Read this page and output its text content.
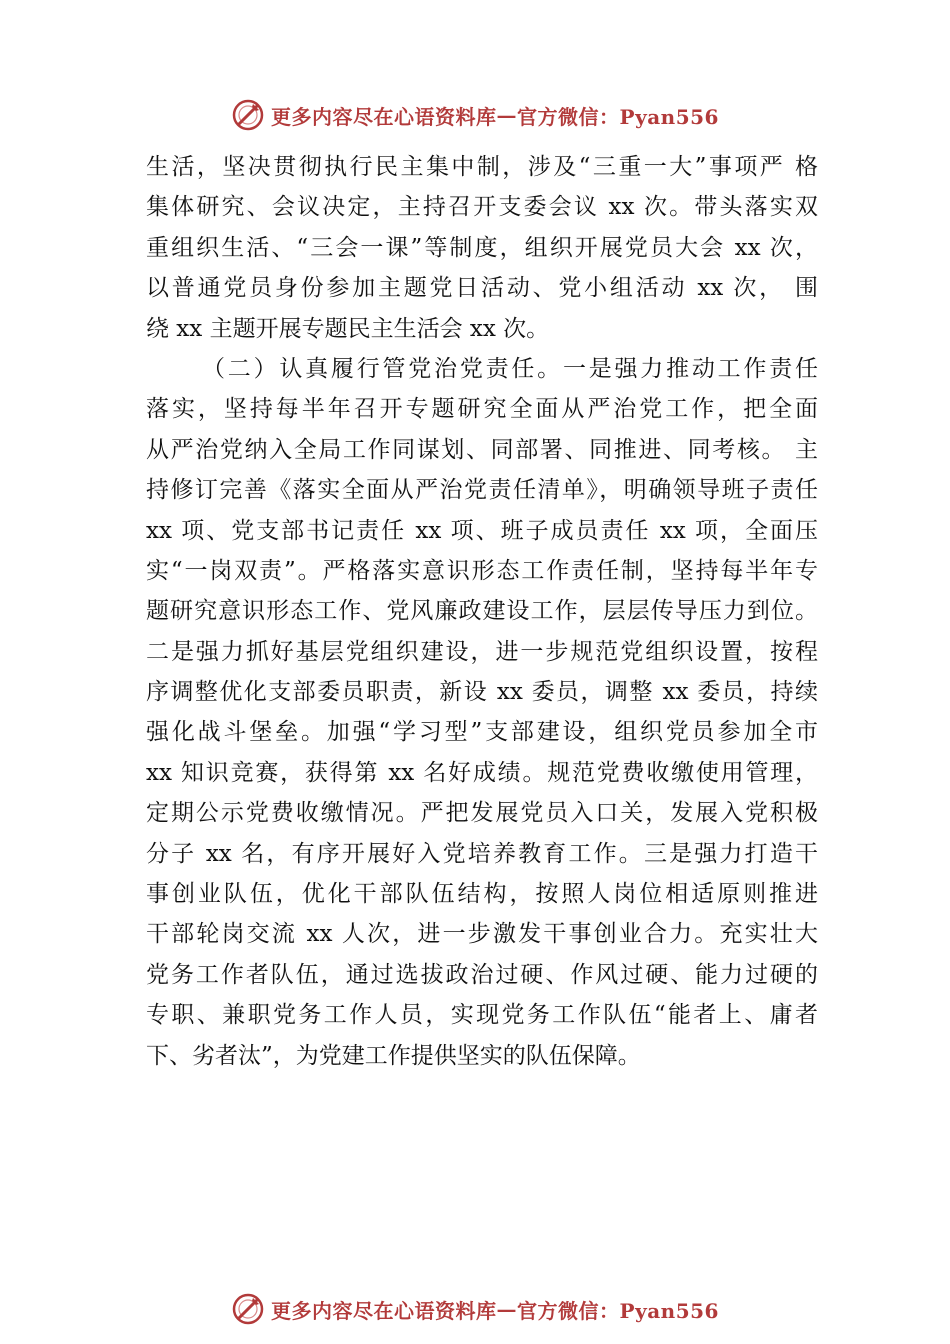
更多内容尽在心语资料库 — 官方微信：Pyan556
生活，坚决贯彻执行民主集中制，涉及“三重一大”事项严 格
集体研究、会议决定，主持召开支委会议 xx 次。带头落实双
重组织生活、“三会一课”等制度，组织开展党员大会 xx 次，
以普通党员身份参加主题党日活动、党小组活动 xx 次， 围
绕 xx 主题开展专题民主生活会 xx 次。
（二）认真履行管党治党责任。一是强力推动工作责任
落实，坚持每半年召开专题研究全面从严治党工作，把全面
从严治党纳入全局工作同谋划、同部署、同推进、同考核。 主
持修订完善《落实全面从严治党责任清单》，明确领导班子责任
xx 项、党支部书记责任 xx 项、班子成员责任 xx 项，全面压
实“一岗双责”。严格落实意识形态工作责任制，坚持每半年专
题研究意识形态工作、党风廉政建设工作，层层传导压力到位。
二是强力抓好基层党组织建设，进一步规范党组织设置，按程
序调整优化支部委员职责，新设 xx 委员，调整 xx 委员，持续
强化战斗堡垒。加强“学习型”支部建设，组织党员参加全市
xx 知识竞赛，获得第 xx 名好成绩。规范党费收缴使用管理，
定期公示党费收缴情况。严把发展党员入口关，发展入党积极
分子 xx 名，有序开展好入党培养教育工作。三是强力打造干
事创业队伍，优化干部队伍结构，按照人岗位相适原则推进
干部轮岗交流 xx 人次，进一步激发干事创业合力。充实壮大
党务工作者队伍，通过选拔政治过硬、作风过硬、能力过硬的
专职、兼职党务工作人员，实现党务工作队伍“能者上、庸者
下、劣者汰”，为党建工作提供坚实的队伍保障。
更多内容尽在心语资料库 — 官方微信：Pyan556
